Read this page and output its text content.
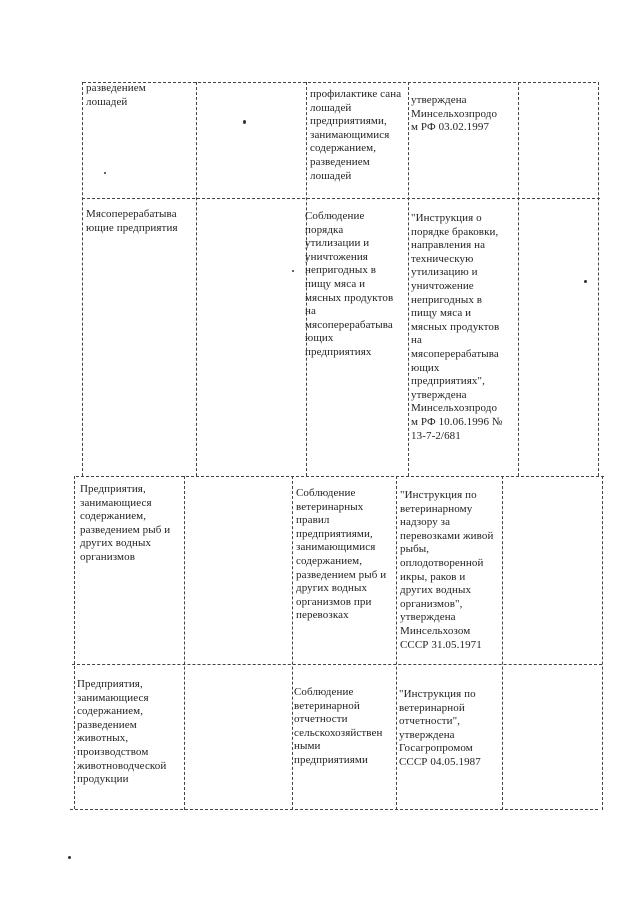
разведением
лошадей
профилактике сана
лошадей
предприятиями,
занимающимися
содержанием,
разведением
лошадей
утверждена
Минсельхозпродо
м РФ 03.02.1997
Мясоперерабатыва
ющие предприятия
Соблюдение
порядка
утилизации и
уничтожения
непригодных в
пищу мяса и
мясных продуктов
на
мясоперерабатыва
ющих
предприятиях
"Инструкция о
порядке браковки,
направления на
техническую
утилизацию и
уничтожение
непригодных в
пищу мяса и
мясных продуктов
на
мясоперерабатыва
ющих
предприятиях",
утверждена
Минсельхозпродо
м РФ 10.06.1996 №
13-7-2/681
Предприятия,
занимающиеся
содержанием,
разведением рыб и
других водных
организмов
Соблюдение
ветеринарных
правил
предприятиями,
занимающимися
содержанием,
разведением рыб и
других водных
организмов при
перевозках
"Инструкция по
ветеринарному
надзору за
перевозками живой
рыбы,
оплодотворенной
икры, раков и
других водных
организмов",
утверждена
Минсельхозом
СССР 31.05.1971
Предприятия,
занимающиеся
содержанием,
разведением
животных,
производством
животноводческой
продукции
Соблюдение
ветеринарной
отчетности
сельскохозяйствен
ными
предприятиями
"Инструкция по
ветеринарной
отчетности",
утверждена
Госагропромом
СССР 04.05.1987
